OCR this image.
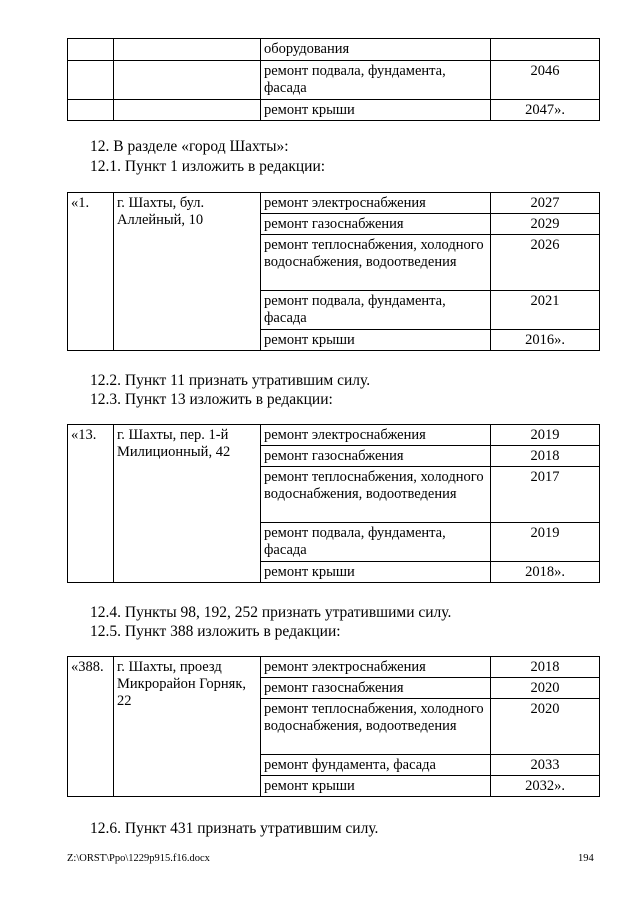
		оборудования	
		ремонт подвала, фундамента, фасада	2046
		ремонт крыши	2047».
12. В разделе «город Шахты»:
12.1. Пункт 1 изложить в редакции:
«1.	г. Шахты, бул. Аллейный, 10	ремонт электроснабжения	2027
		ремонт газоснабжения	2029
		ремонт теплоснабжения, холодного водоснабжения, водоотведения	2026
		ремонт подвала, фундамента, фасада	2021
		ремонт крыши	2016».
12.2. Пункт 11 признать утратившим силу.
12.3. Пункт 13 изложить в редакции:
«13.	г. Шахты, пер. 1-й Милиционный, 42	ремонт электроснабжения	2019
		ремонт газоснабжения	2018
		ремонт теплоснабжения, холодного водоснабжения, водоотведения	2017
		ремонт подвала, фундамента, фасада	2019
		ремонт крыши	2018».
12.4. Пункты 98, 192, 252 признать утратившими силу.
12.5. Пункт 388 изложить в редакции:
«388.	г. Шахты, проезд Микрорайон Горняк, 22	ремонт электроснабжения	2018
		ремонт газоснабжения	2020
		ремонт теплоснабжения, холодного водоснабжения, водоотведения	2020
		ремонт фундамента, фасада	2033
		ремонт крыши	2032».
12.6. Пункт 431 признать утратившим силу.
Z:\ORST\Ppo\1229p915.f16.docx	194
